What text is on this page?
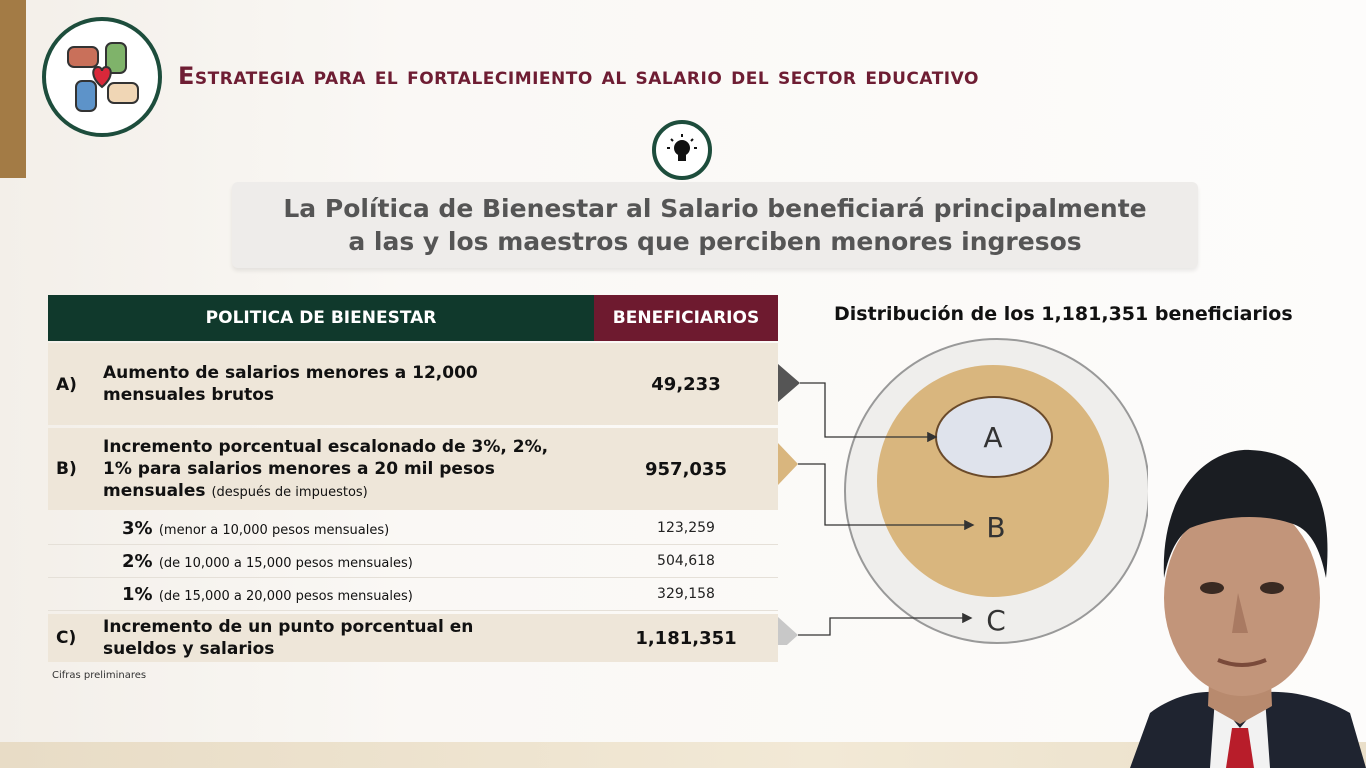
Estrategia para el fortalecimiento al salario del sector educativo
La Política de Bienestar al Salario beneficiará principalmente
a las y los maestros que perciben menores ingresos
POLITICA DE BIENESTAR	BENEFICIARIOS
A)
Aumento de salarios menores a 12,000
mensuales brutos	49,233
B)
Incremento porcentual escalonado de 3%, 2%,
1% para salarios menores a 20 mil pesos
mensuales (después de impuestos)
957,035
3% (menor a 10,000 pesos mensuales)	123,259
2% (de 10,000 a 15,000 pesos mensuales)	504,618
1% (de 15,000 a 20,000 pesos mensuales)	329,158
C)
Incremento de un punto porcentual en
sueldos y salarios	1,181,351
Cifras preliminares
Distribución de los 1,181,351 beneficiarios
A
B
C
